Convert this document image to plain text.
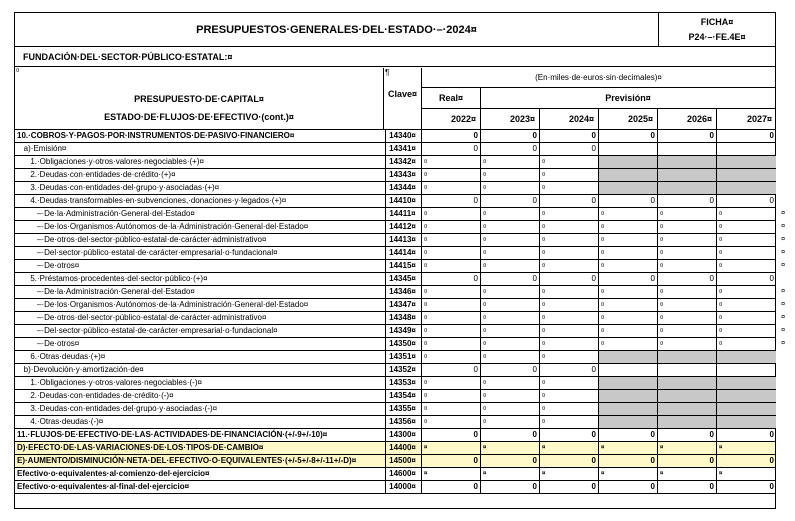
PRESUPUESTOS·GENERALES·DEL·ESTADO·–·2024¤
FICHA¤
P24·–·FE.4E¤
FUNDACIÓN·DEL·SECTOR·PÚBLICO·ESTATAL:¤
¤
PRESUPUESTO·DE·CAPITAL¤
ESTADO·DE·FLUJOS·DE·EFECTIVO·(cont.)¤
¶
Clave¤
(En·miles·de·euros·sin·decimales)¤
Real¤	Previsión¤
2022¤	2023¤	2024¤	2025¤	2026¤	2027¤
10.·COBROS·Y·PAGOS·POR·INSTRUMENTOS·DE·PASIVO·FINANCIERO¤	14340¤	0	0	0	0	0	0
a)·Emisión¤	14341¤	0	0	0
1.·Obligaciones·y·otros·valores·negociables·(+)¤	14342¤	¤	¤	¤
2.·Deudas·con·entidades·de·crédito·(+)¤	14343¤	¤	¤	¤
3.·Deudas·con·entidades·del·grupo·y·asociadas·(+)¤	14344¤	¤	¤	¤
4.·Deudas·transformables·en·subvenciones,·donaciones·y·legados·(+)¤	14410¤	0	0	0	0	0	0
–·De·la·Administración·General·del·Estado¤	14411¤	¤	¤	¤	¤	¤	¤	¤
–·De·los·Organismos·Autónomos·de·la·Administración·General·del·Estado¤	14412¤	¤	¤	¤	¤	¤	¤	¤
–·De·otros·del·sector·público·estatal·de·carácter·administrativo¤	14413¤	¤	¤	¤	¤	¤	¤	¤
–·Del·sector·público·estatal·de·carácter·empresarial·o·fundacional¤	14414¤	¤	¤	¤	¤	¤	¤	¤
–·De·otros¤	14415¤	¤	¤	¤	¤	¤	¤	¤
5.·Préstamos·procedentes·del·sector·público·(+)¤	14345¤	0	0	0	0	0	0
–·De·la·Administración·General·del·Estado¤	14346¤	¤	¤	¤	¤	¤	¤	¤
–·De·los·Organismos·Autónomos·de·la·Administración·General·del·Estado¤	14347¤	¤	¤	¤	¤	¤	¤	¤
–·De·otros·del·sector·público·estatal·de·carácter·administrativo¤	14348¤	¤	¤	¤	¤	¤	¤	¤
–·Del·sector·público·estatal·de·carácter·empresarial·o·fundacional¤	14349¤	¤	¤	¤	¤	¤	¤	¤
–·De·otros¤	14350¤	¤	¤	¤	¤	¤	¤	¤
6.·Otras·deudas·(+)¤	14351¤	¤	¤	¤
b)·Devolución·y·amortización·de¤	14352¤	0	0	0
1.·Obligaciones·y·otros·valores·negociables·(-)¤	14353¤	¤	¤	¤
2.·Deudas·con·entidades·de·crédito·(-)¤	14354¤	¤	¤	¤
3.·Deudas·con·entidades·del·grupo·y·asociadas·(-)¤	14355¤	¤	¤	¤
4.·Otras·deudas·(-)¤	14356¤	¤	¤	¤
11.·FLUJOS·DE·EFECTIVO·DE·LAS·ACTIVIDADES·DE·FINANCIACIÓN·(+/-9+/-10)¤	14300¤	0	0	0	0	0	0
D)·EFECTO·DE·LAS·VARIACIONES·DE·LOS·TIPOS·DE·CAMBIO¤	14400¤	¤	¤	¤	¤	¤	¤
E)·AUMENTO/DISMINUCIÓN·NETA·DEL·EFECTIVO·O·EQUIVALENTES·(+/-5+/-8+/-11+/-D)¤	14500¤	0	0	0	0	0	0
Efectivo·o·equivalentes·al·comienzo·del·ejercicio¤	14600¤	¤	¤	¤	¤	¤	¤
Efectivo·o·equivalentes·al·final·del·ejercicio¤	14000¤	0	0	0	0	0	0
